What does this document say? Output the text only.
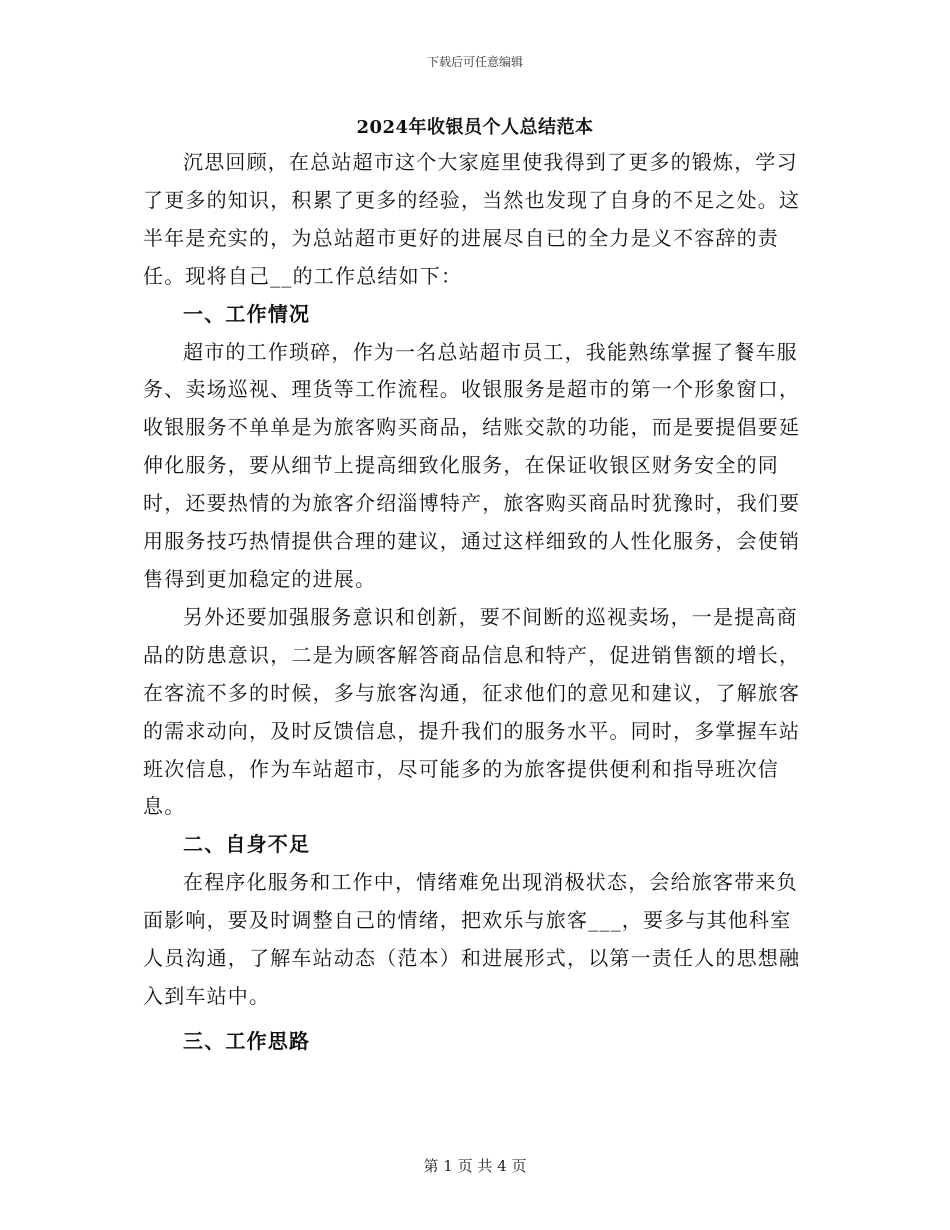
下载后可任意编辑
2024年收银员个人总结范本

沉思回顾，在总站超市这个大家庭里使我得到了更多的锻炼，学习了更多的知识，积累了更多的经验，当然也发现了自身的不足之处。这半年是充实的，为总站超市更好的进展尽自已的全力是义不容辞的责任。现将自己__的工作总结如下：

一、工作情况

超市的工作琐碎，作为一名总站超市员工，我能熟练掌握了餐车服务、卖场巡视、理货等工作流程。收银服务是超市的第一个形象窗口，收银服务不单单是为旅客购买商品，结账交款的功能，而是要提倡要延伸化服务，要从细节上提高细致化服务，在保证收银区财务安全的同时，还要热情的为旅客介绍淄博特产，旅客购买商品时犹豫时，我们要用服务技巧热情提供合理的建议，通过这样细致的人性化服务，会使销售得到更加稳定的进展。

另外还要加强服务意识和创新，要不间断的巡视卖场，一是提高商品的防患意识，二是为顾客解答商品信息和特产，促进销售额的增长，在客流不多的时候，多与旅客沟通，征求他们的意见和建议，了解旅客的需求动向，及时反馈信息，提升我们的服务水平。同时，多掌握车站班次信息，作为车站超市，尽可能多的为旅客提供便利和指导班次信息。

二、自身不足

在程序化服务和工作中，情绪难免出现消极状态，会给旅客带来负面影响，要及时调整自己的情绪，把欢乐与旅客___，要多与其他科室人员沟通，了解车站动态（范本）和进展形式，以第一责任人的思想融入到车站中。

三、工作思路

第 1 页 共 4 页
